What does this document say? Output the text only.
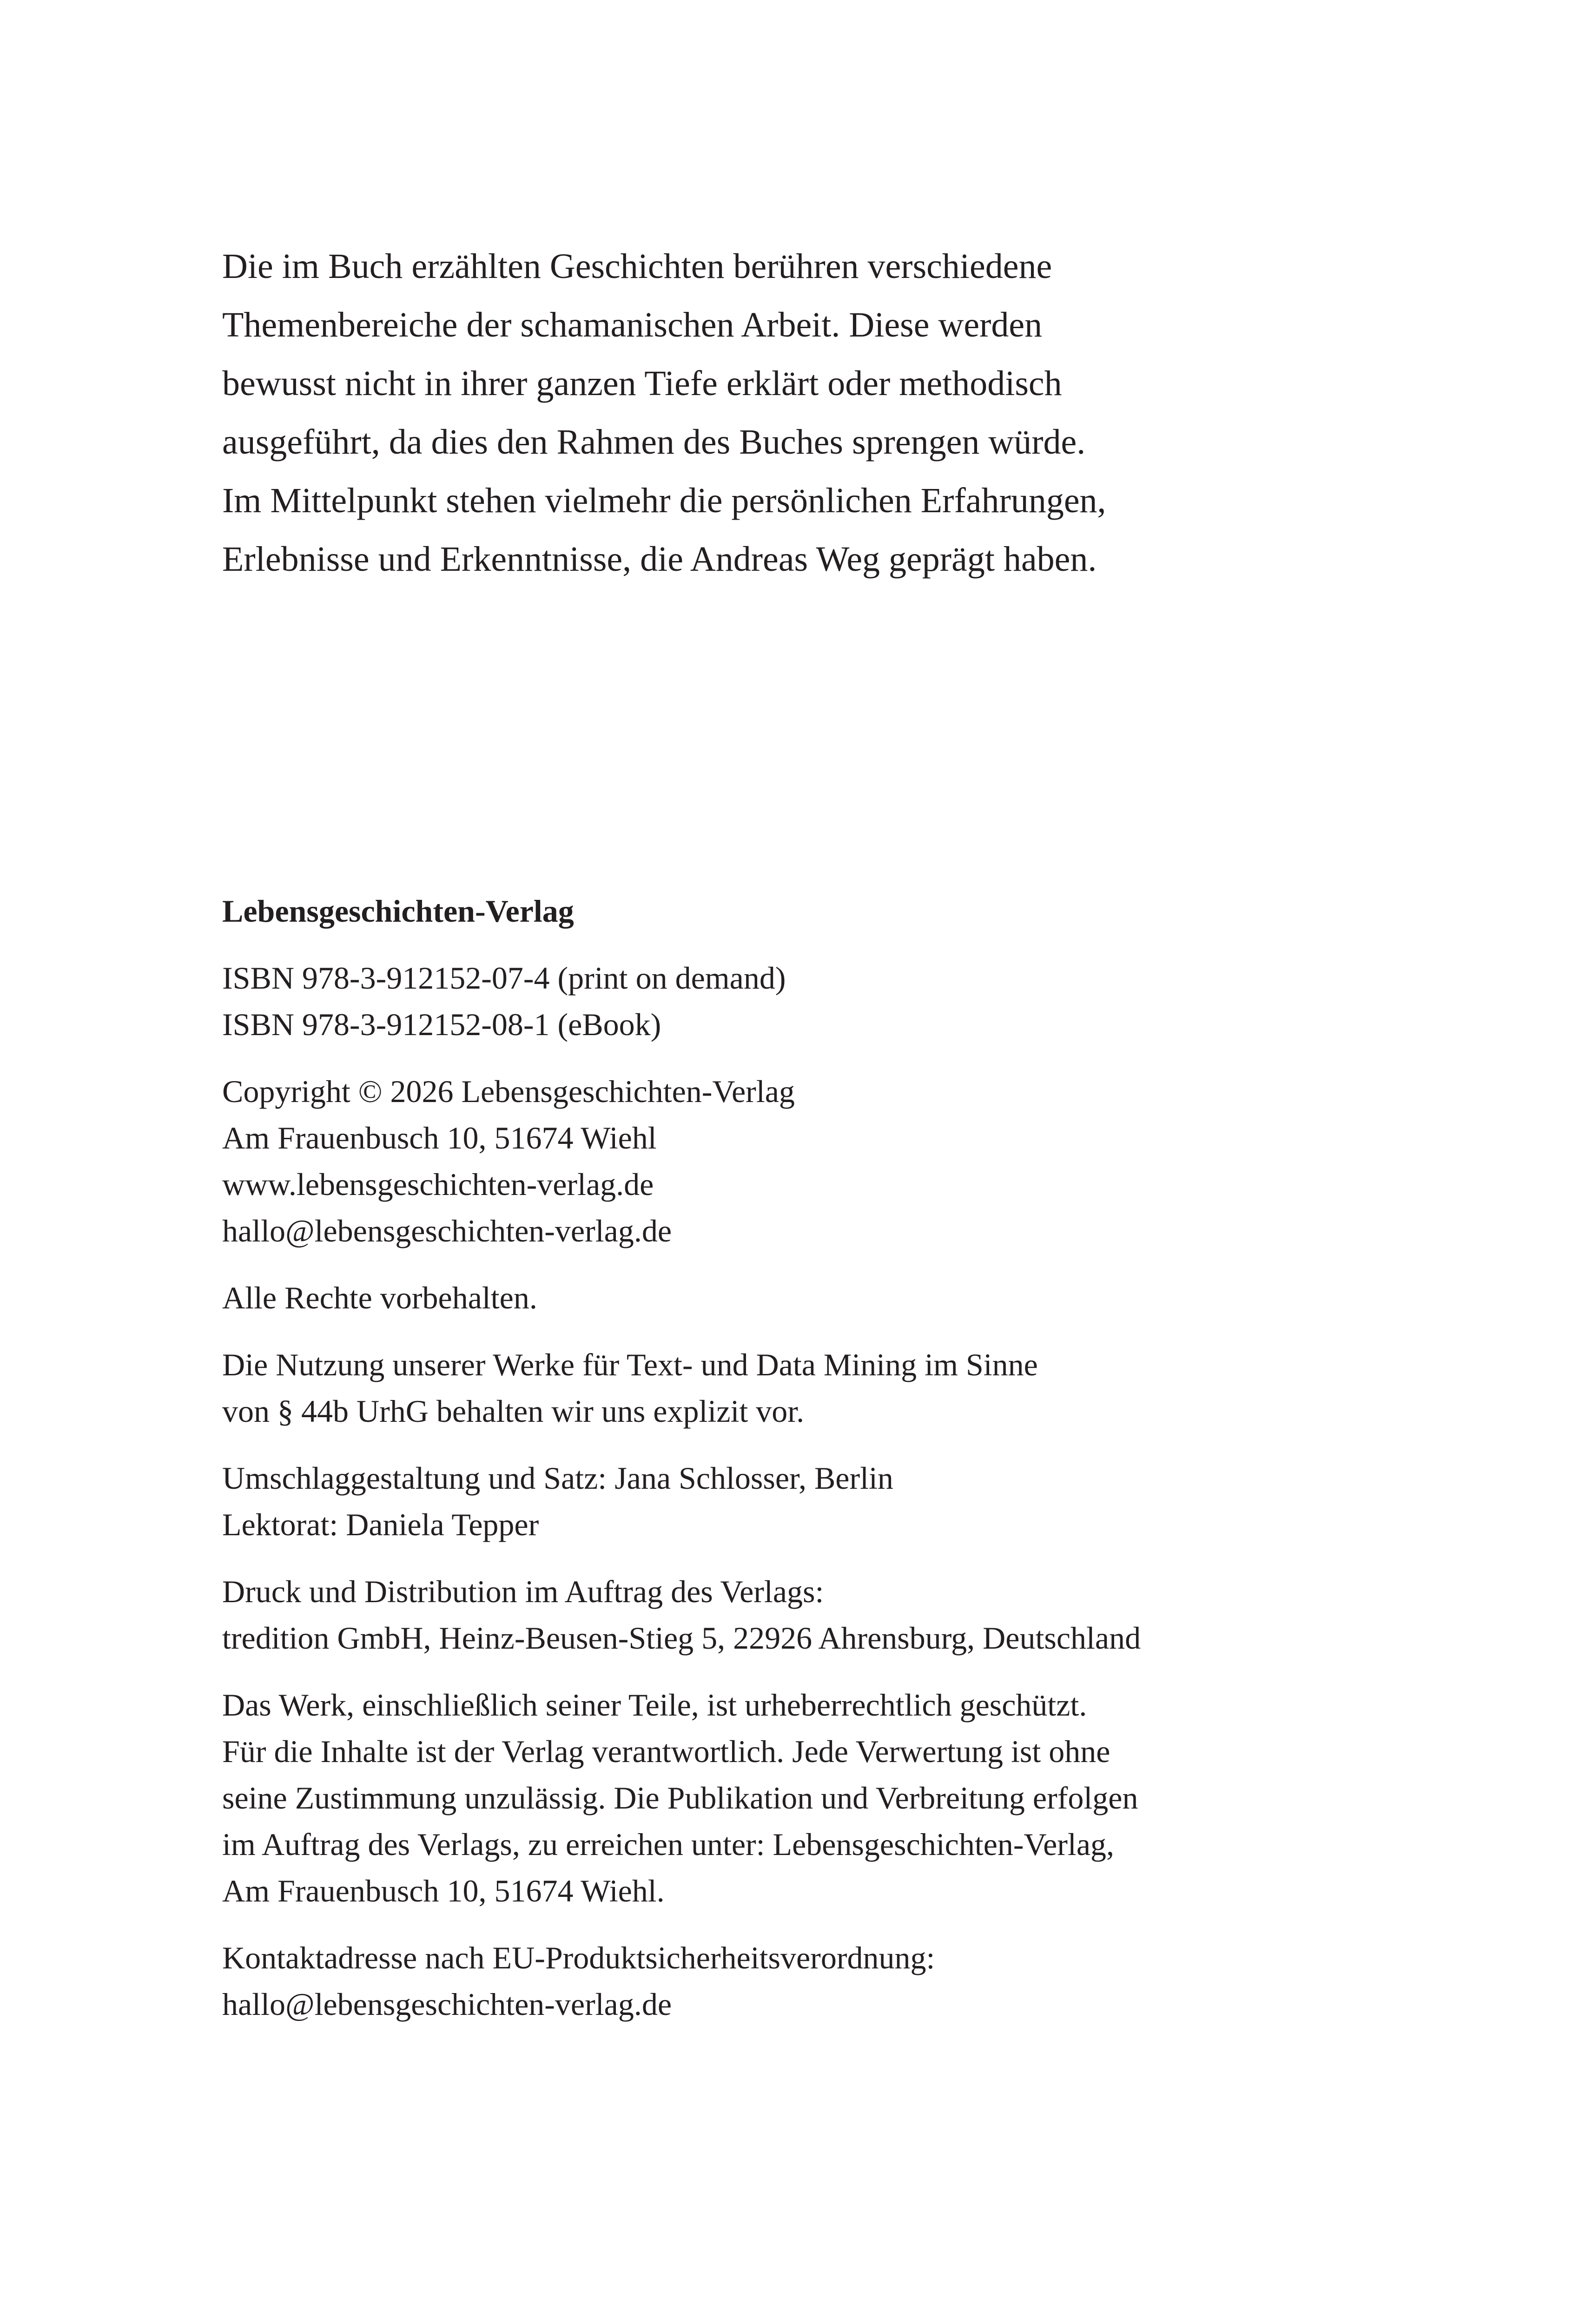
Die im Buch erzählten Geschichten berühren verschiedene
Themenbereiche der schamanischen Arbeit. Diese werden
bewusst nicht in ihrer ganzen Tiefe erklärt oder methodisch
ausgeführt, da dies den Rahmen des Buches sprengen würde.
Im Mittelpunkt stehen vielmehr die persönlichen Erfahrungen,
Erlebnisse und Erkenntnisse, die Andreas Weg geprägt haben.
Lebensgeschichten-Verlag
ISBN 978-3-912152-07-4 (print on demand)
ISBN 978-3-912152-08-1 (eBook)
Copyright © 2026 Lebensgeschichten-Verlag
Am Frauenbusch 10, 51674 Wiehl
www.lebensgeschichten-verlag.de
hallo@lebensgeschichten-verlag.de
Alle Rechte vorbehalten.
Die Nutzung unserer Werke für Text- und Data Mining im Sinne
von § 44b UrhG behalten wir uns explizit vor.
Umschlaggestaltung und Satz: Jana Schlosser, Berlin
Lektorat: Daniela Tepper
Druck und Distribution im Auftrag des Verlags:
tredition GmbH, Heinz-Beusen-Stieg 5, 22926 Ahrensburg, Deutschland
Das Werk, einschließlich seiner Teile, ist urheberrechtlich geschützt.
Für die Inhalte ist der Verlag verantwortlich. Jede Verwertung ist ohne
seine Zustimmung unzulässig. Die Publikation und Verbreitung erfolgen
im Auftrag des Verlags, zu erreichen unter: Lebensgeschichten-Verlag,
Am Frauenbusch 10, 51674 Wiehl.
Kontaktadresse nach EU-Produktsicherheitsverordnung:
hallo@lebensgeschichten-verlag.de
